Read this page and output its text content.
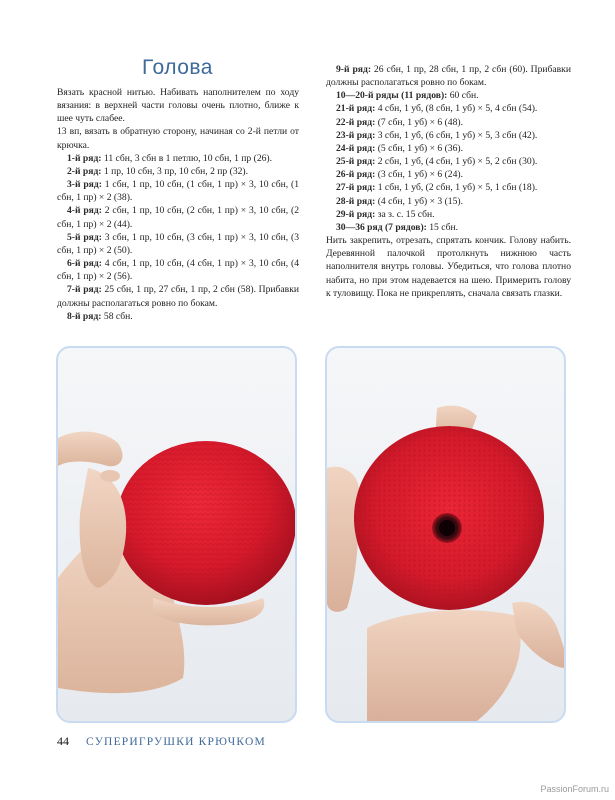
Голова

Вязать красной нитью. Набивать наполнителем по ходу вязания: в верхней части головы очень плотно, ближе к шее чуть слабее.

13 вп, вязать в обратную сторону, начиная со 2-й петли от крючка.

1-й ряд: 11 сбн, 3 сбн в 1 петлю, 10 сбн, 1 пр (26).

2-й ряд: 1 пр, 10 сбн, 3 пр, 10 сбн, 2 пр (32).

3-й ряд: 1 сбн, 1 пр, 10 сбн, (1 сбн, 1 пр) × 3, 10 сбн, (1 сбн, 1 пр) × 2 (38).

4-й ряд: 2 сбн, 1 пр, 10 сбн, (2 сбн, 1 пр) × 3, 10 сбн, (2 сбн, 1 пр) × 2 (44).

5-й ряд: 3 сбн, 1 пр, 10 сбн, (3 сбн, 1 пр) × 3, 10 сбн, (3 сбн, 1 пр) × 2 (50).

6-й ряд: 4 сбн, 1 пр, 10 сбн, (4 сбн, 1 пр) × 3, 10 сбн, (4 сбн, 1 пр) × 2 (56).

7-й ряд: 25 сбн, 1 пр, 27 сбн, 1 пр, 2 сбн (58). Прибавки должны располагаться ровно по бокам.

8-й ряд: 58 сбн.

9-й ряд: 26 сбн, 1 пр, 28 сбн, 1 пр, 2 сбн (60). Прибавки должны располагаться ровно по бокам.

10—20-й ряды (11 рядов): 60 сбн.

21-й ряд: 4 сбн, 1 уб, (8 сбн, 1 уб) × 5, 4 сбн (54).

22-й ряд: (7 сбн, 1 уб) × 6 (48).

23-й ряд: 3 сбн, 1 уб, (6 сбн, 1 уб) × 5, 3 сбн (42).

24-й ряд: (5 сбн, 1 уб) × 6 (36).

25-й ряд: 2 сбн, 1 уб, (4 сбн, 1 уб) × 5, 2 сбн (30).

26-й ряд: (3 сбн, 1 уб) × 6 (24).

27-й ряд: 1 сбн, 1 уб, (2 сбн, 1 уб) × 5, 1 сбн (18).

28-й ряд: (4 сбн, 1 уб) × 3 (15).

29-й ряд: за з. с. 15 сбн.

30—36 ряд (7 рядов): 15 сбн.

Нить закрепить, отрезать, спрятать кончик. Голову набить. Деревянной палочкой протолкнуть нижнюю часть наполнителя внутрь головы. Убедиться, что голова плотно набита, но при этом надевается на шею. Примерить голову к туловищу. Пока не прикреплять, сначала связать глазки.

44 СУПЕРИГРУШКИ КРЮЧКОМ
PassionForum.ru
